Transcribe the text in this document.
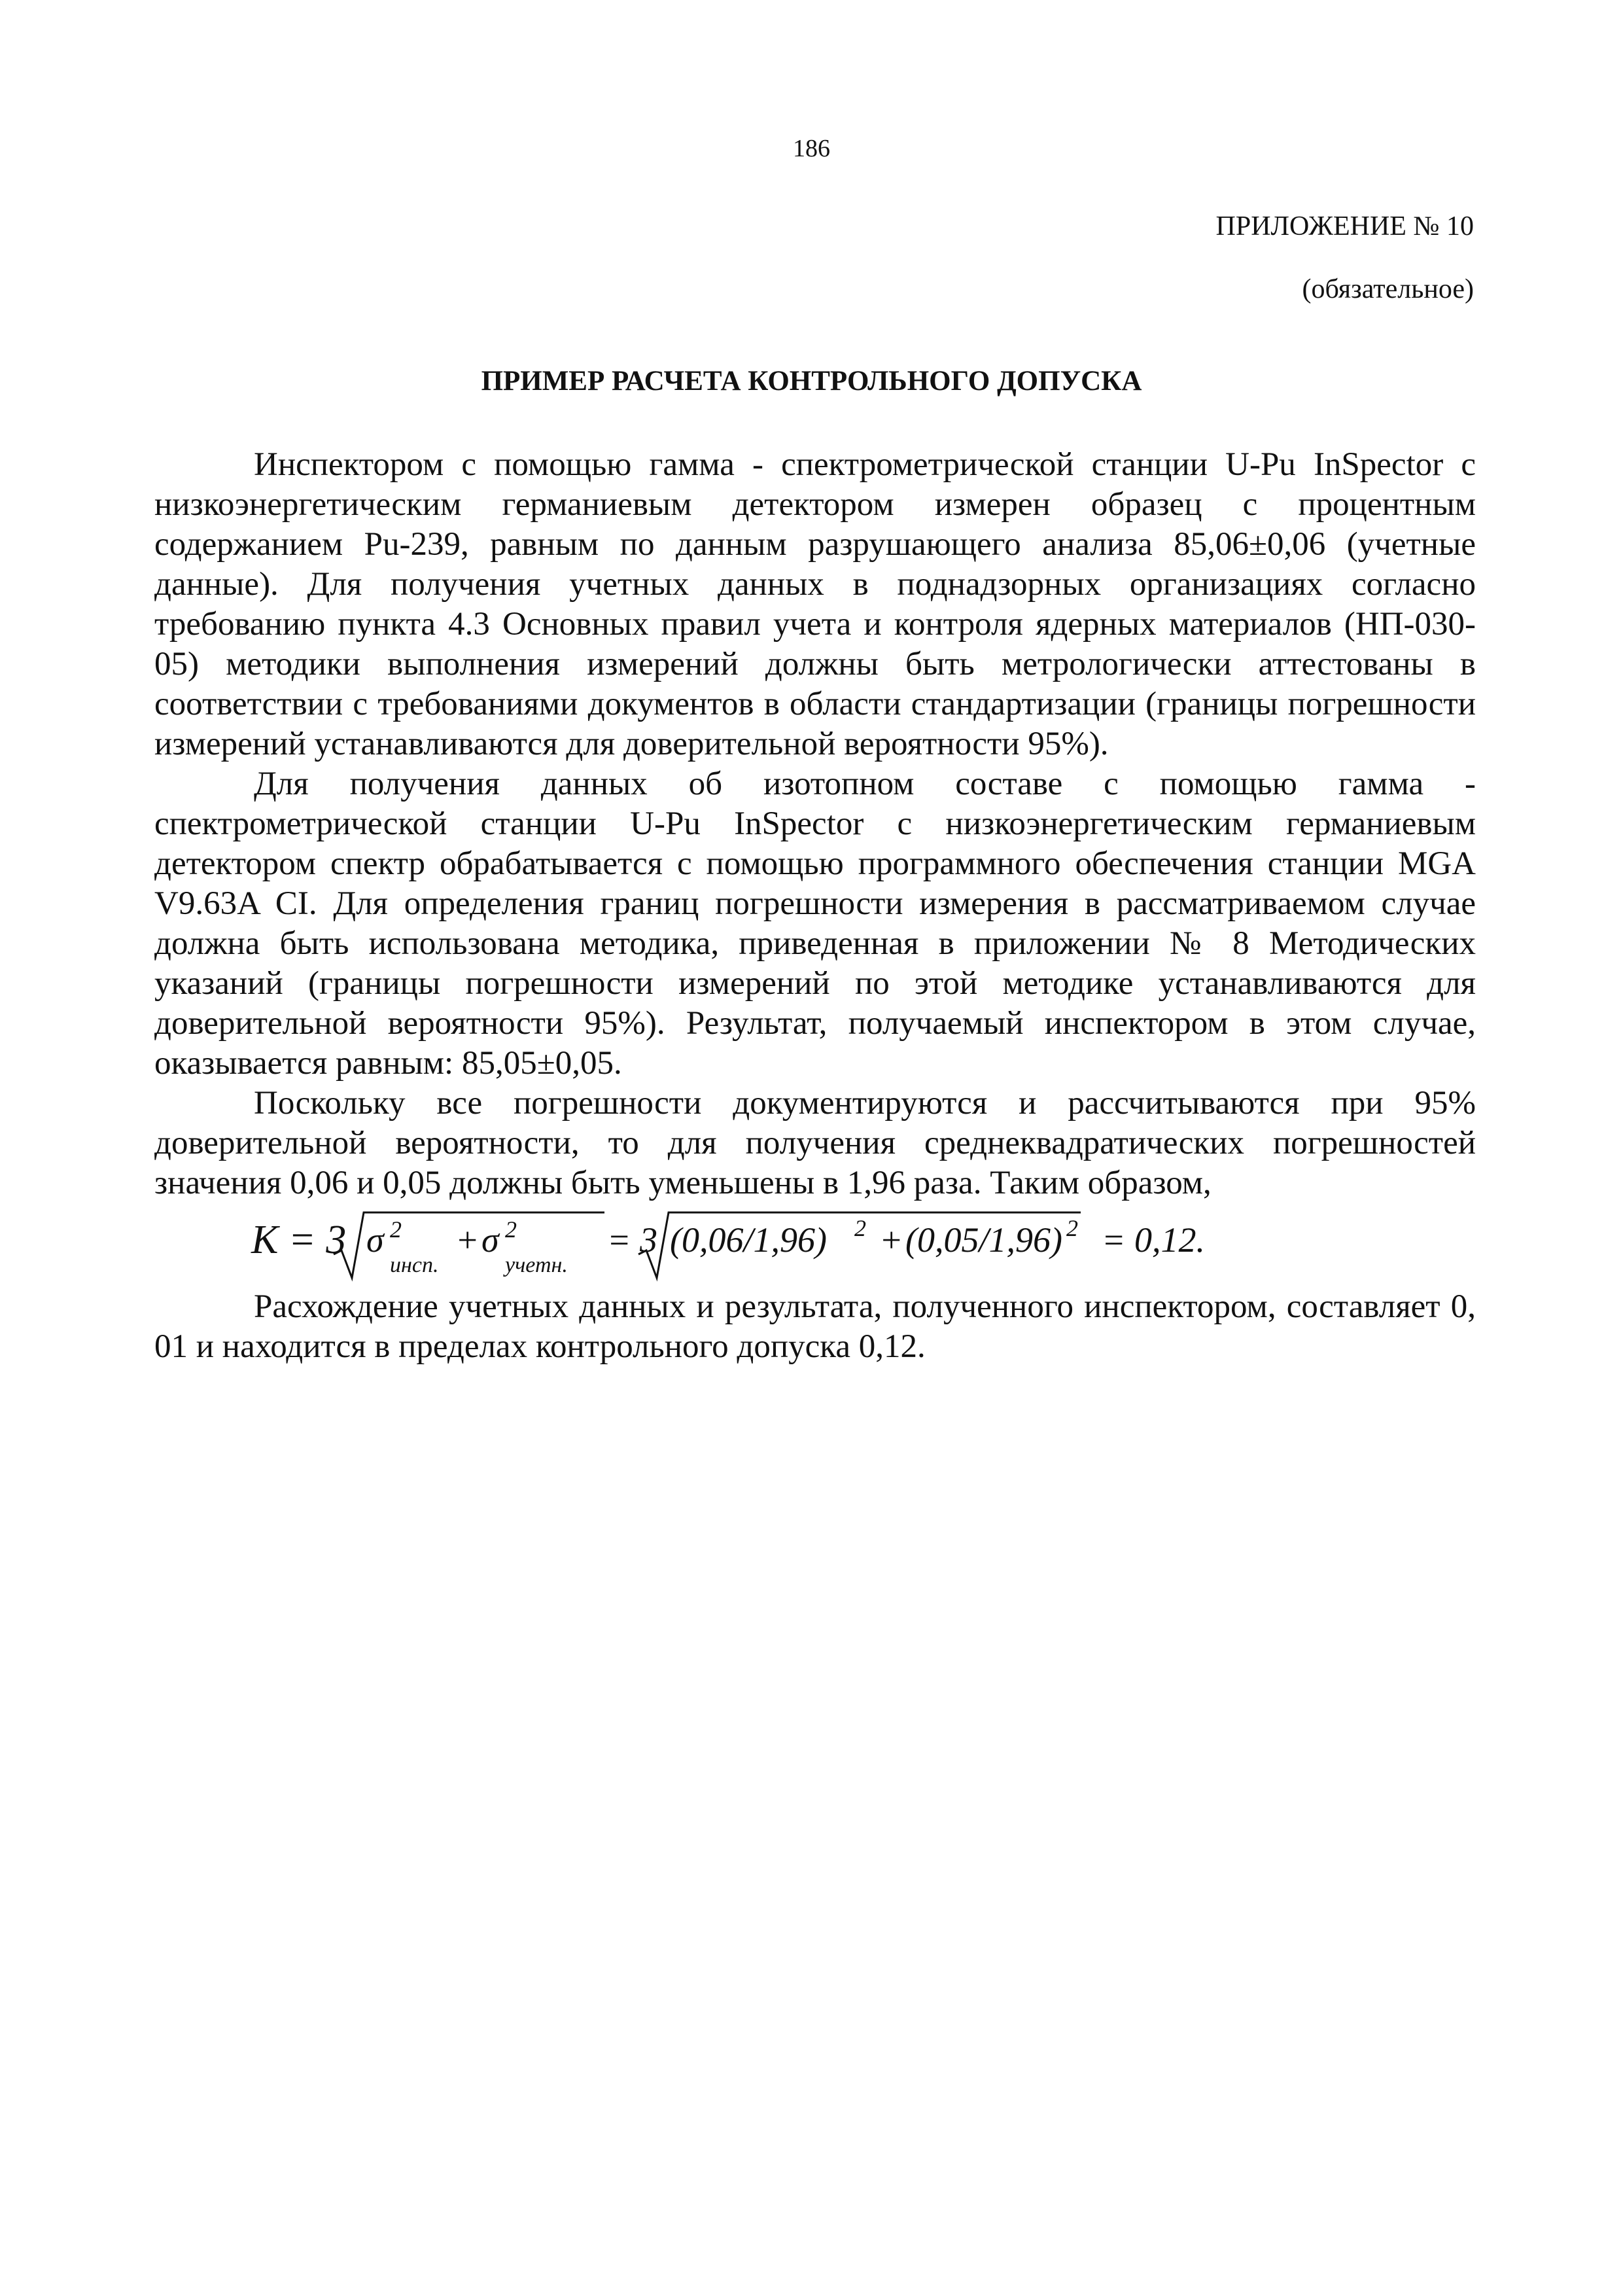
186
ПРИЛОЖЕНИЕ № 10
(обязательное)
ПРИМЕР РАСЧЕТА КОНТРОЛЬНОГО ДОПУСКА

Инспектором с помощью гамма - спектрометрической станции U-Pu InSpector с низкоэнергетическим германиевым детектором измерен образец с процентным содержанием Pu-239, равным по данным разрушающего анализа 85,06±0,06 (учетные данные). Для получения учетных данных в поднадзорных организациях согласно требованию пункта 4.3 Основных правил учета и контроля ядерных материалов (НП-030-05) методики выполнения измерений должны быть метрологически аттестованы в соответствии с требованиями документов в области стандартизации (границы погрешности измерений устанавливаются для доверительной вероятности 95%).

Для получения данных об изотопном составе с помощью гамма - спектрометрической станции U-Pu InSpector с низкоэнергетическим германиевым детектором спектр обрабатывается с помощью программного обеспечения станции MGA V9.63A CI. Для определения границ погрешности измерения в рассматриваемом случае должна быть использована методика, приведенная в приложении № 8 Методических указаний (границы погрешности измерений по этой методике устанавливаются для доверительной вероятности 95%). Результат, получаемый инспектором в этом случае, оказывается равным: 85,05±0,05.

Поскольку все погрешности документируются и рассчитываются при 95% доверительной вероятности, то для получения среднеквадратических погрешностей значения 0,06 и 0,05 должны быть уменьшены в 1,96 раза. Таким образом,

K = 3 σ 2
инсп.
+ σ 2
учетн.
= 3 (0,06/1,96) 2 + (0,05/1,96) 2 = 0,12.

Расхождение учетных данных и результата, полученного инспектором, составляет 0, 01 и находится в пределах контрольного допуска 0,12.
